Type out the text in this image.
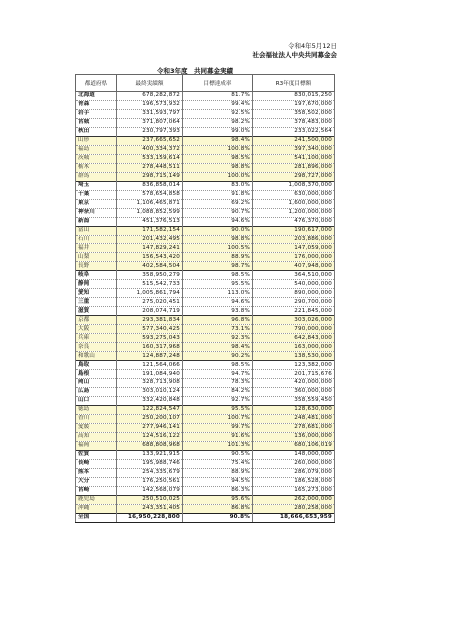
令和4年5月12日
社会福祉法人中央共同募金会
令和3年度　共同募金実績
都道府県	最終実績額	目標達成率	R3年度目標額
北海道	678,282,872	81.7%	830,015,250
青森	196,573,932	99.4%	197,670,000
岩手	331,593,797	92.5%	358,502,000
宮城	371,807,064	98.2%	378,483,000
秋田	230,797,393	99.0%	233,022,564
山形	237,665,652	98.4%	241,500,000
福島	400,334,372	100.8%	397,340,000
茨城	533,159,614	98.5%	541,100,000
栃木	278,448,511	98.8%	281,896,000
群馬	298,715,149	100.0%	298,727,000
埼玉	836,858,014	83.0%	1,008,370,000
千葉	578,654,858	91.8%	630,000,000
東京	1,106,465,871	69.2%	1,600,000,000
神奈川	1,088,852,599	90.7%	1,200,000,000
新潟	451,376,513	94.6%	476,370,000
富山	171,582,154	90.0%	190,617,000
石川	201,432,495	98.8%	203,886,000
福井	147,829,241	100.5%	147,059,000
山梨	156,543,420	88.9%	176,000,000
長野	402,584,504	98.7%	407,948,000
岐阜	358,950,279	98.5%	364,510,000
静岡	515,542,733	95.5%	540,000,000
愛知	1,005,861,794	113.0%	890,000,000
三重	275,020,451	94.6%	290,700,000
滋賀	208,074,719	93.8%	221,845,000
京都	293,381,834	96.8%	303,026,000
大阪	577,340,425	73.1%	790,000,000
兵庫	593,275,043	92.3%	642,843,000
奈良	160,317,968	98.4%	163,000,000
和歌山	124,887,248	90.2%	138,530,000
鳥取	121,564,066	98.5%	123,382,000
島根	191,084,940	94.7%	201,715,676
岡山	328,713,908	78.3%	420,000,000
広島	303,010,124	84.2%	360,000,000
山口	332,420,848	92.7%	358,559,450
徳島	122,824,547	95.5%	128,630,000
香川	250,200,107	100.7%	248,481,000
愛媛	277,946,141	99.7%	278,681,000
高知	124,516,122	91.6%	136,000,000
福岡	688,808,968	101.3%	680,106,019
佐賀	133,921,915	90.5%	148,000,000
長崎	195,988,746	75.4%	260,000,000
熊本	254,335,679	88.9%	286,079,000
大分	176,250,561	94.5%	186,528,000
宮崎	142,568,079	86.3%	165,273,000
鹿児島	250,510,025	95.6%	262,000,000
沖縄	243,351,405	86.8%	280,258,000
全国	16,950,228,800	90.8%	18,666,653,959
